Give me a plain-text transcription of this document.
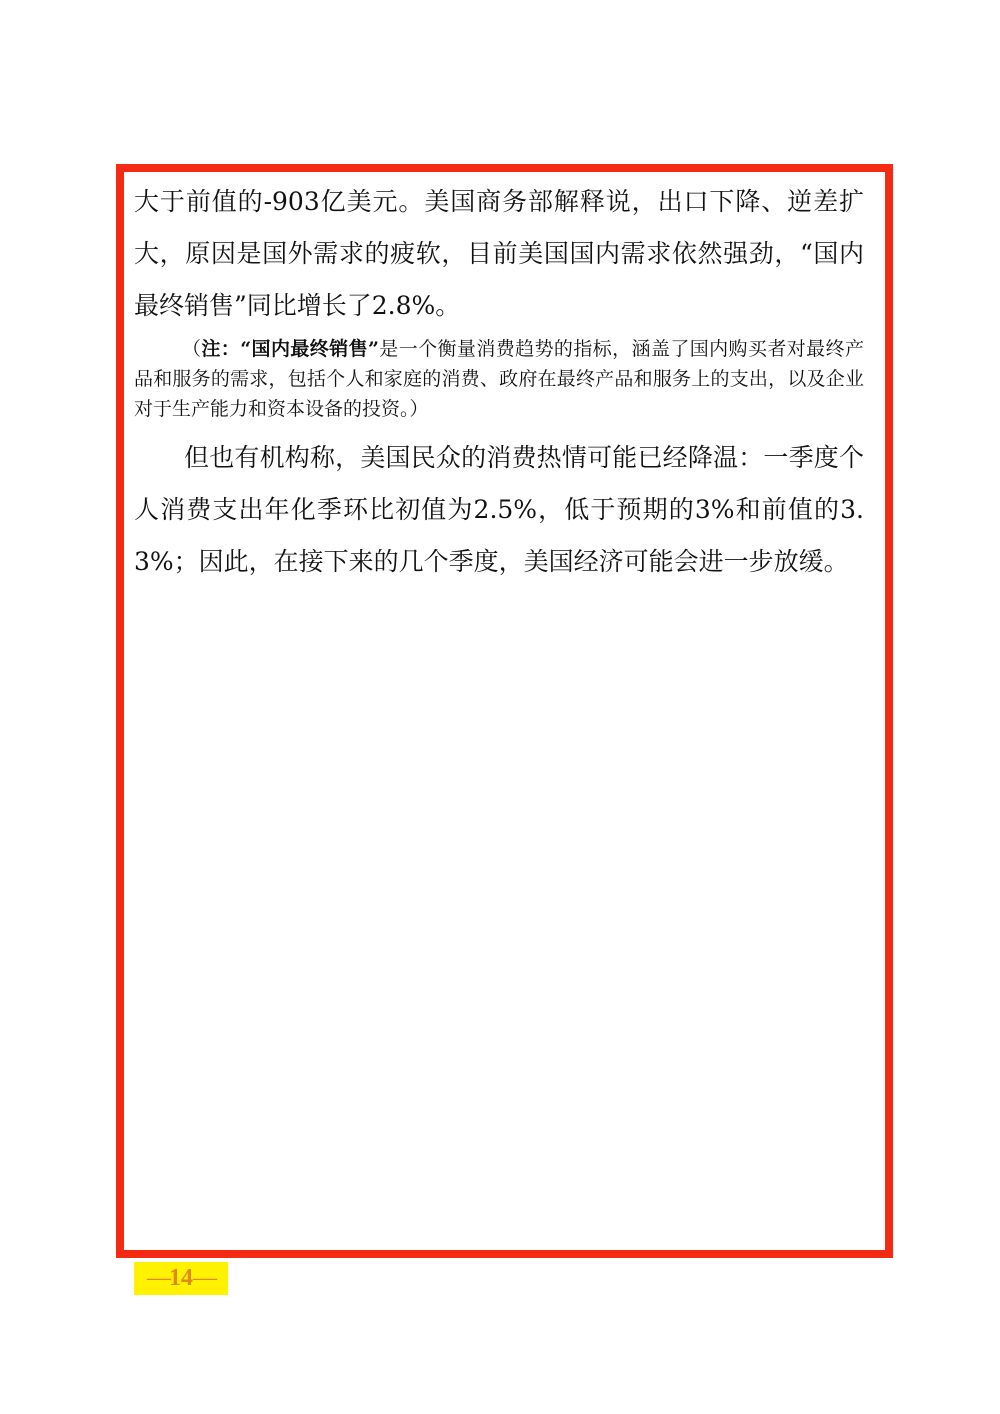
大于前值的-903亿美元。美国商务部解释说，出口下降、逆差扩大，原因是国外需求的疲软，目前美国国内需求依然强劲，“国内最终销售”同比增长了2.8%。

（注：“国内最终销售”是一个衡量消费趋势的指标，涵盖了国内购买者对最终产品和服务的需求，包括个人和家庭的消费、政府在最终产品和服务上的支出，以及企业对于生产能力和资本设备的投资。）

但也有机构称，美国民众的消费热情可能已经降温：一季度个人消费支出年化季环比初值为2.5%，低于预期的3%和前值的3.3%；因此，在接下来的几个季度，美国经济可能会进一步放缓。

— 14 —
